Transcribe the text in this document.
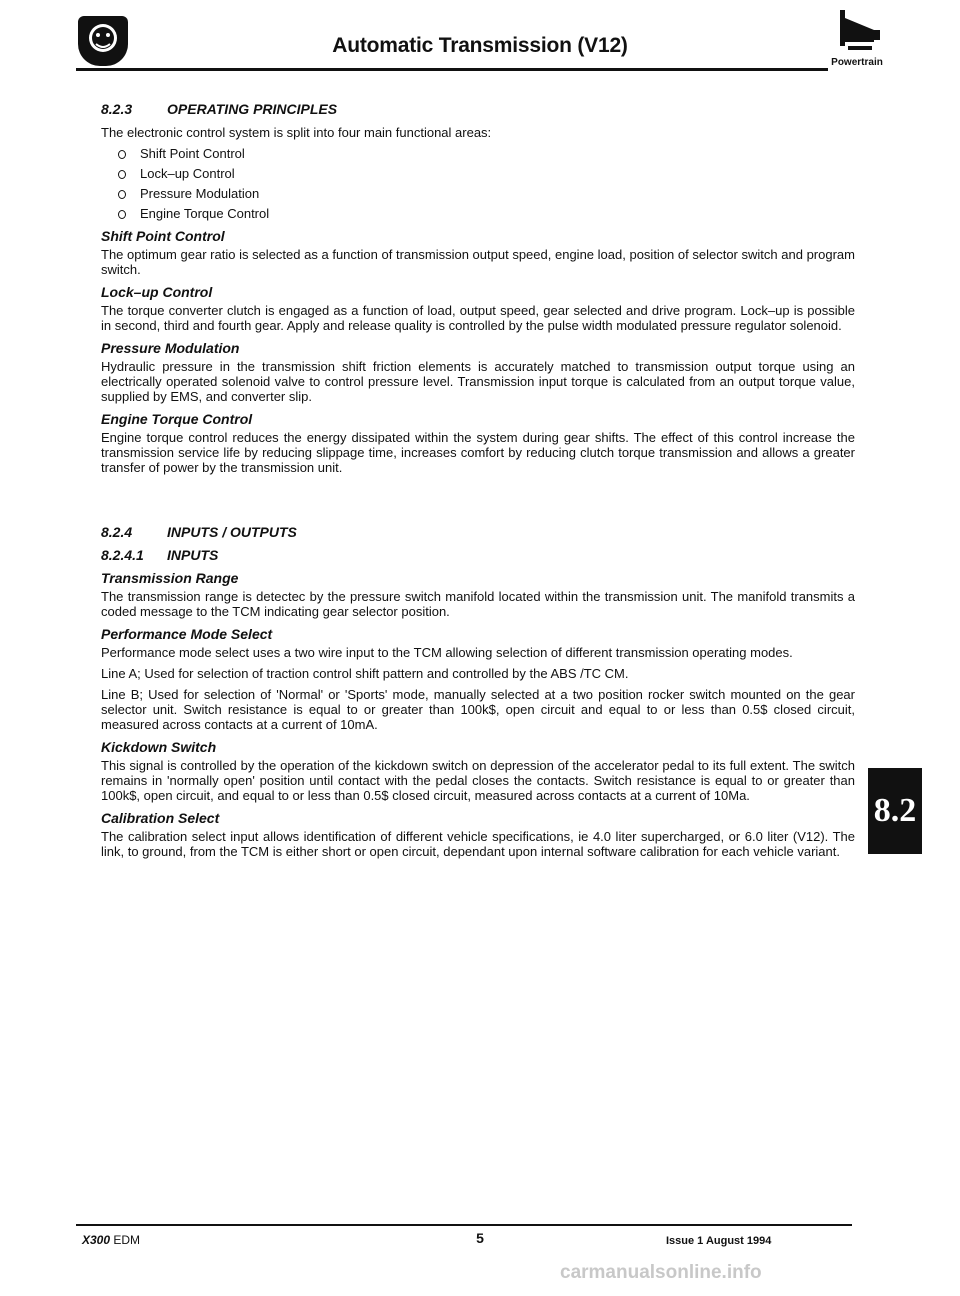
Automatic Transmission (V12)
Powertrain
8.2.3 OPERATING PRINCIPLES

The electronic control system is split into four main functional areas:

Shift Point Control
Lock–up Control
Pressure Modulation
Engine Torque Control
Shift Point Control

The optimum gear ratio is selected as a function of transmission output speed, engine load, position of selector switch and program switch.

Lock–up Control

The torque converter clutch is engaged as a function of load, output speed, gear selected and drive program. Lock–up is possible in second, third and fourth gear. Apply and release quality is controlled by the pulse width modulated pressure regulator solenoid.

Pressure Modulation

Hydraulic pressure in the transmission shift friction elements is accurately matched to transmission output torque using an electrically operated solenoid valve to control pressure level. Transmission input torque is calculated from an output torque value, supplied by EMS, and converter slip.

Engine Torque Control

Engine torque control reduces the energy dissipated within the system during gear shifts. The effect of this control increase the transmission service life by reducing slippage time, increases comfort by reducing clutch torque transmission and allows a greater transfer of power by the transmission unit.

8.2.4 INPUTS / OUTPUTS
8.2.4.1 INPUTS
Transmission Range

The transmission range is detectec by the pressure switch manifold located within the transmission unit. The manifold transmits a coded message to the TCM indicating gear selector position.

Performance Mode Select

Performance mode select uses a two wire input to the TCM allowing selection of different transmission operating modes.

Line A; Used for selection of traction control shift pattern and controlled by the ABS /TC CM.

Line B; Used for selection of 'Normal' or 'Sports' mode, manually selected at a two position rocker switch mounted on the gear selector unit. Switch resistance is equal to or greater than 100k$, open circuit and equal to or less than 0.5$ closed circuit, measured across contacts at a current of 10mA.

Kickdown Switch

This signal is controlled by the operation of the kickdown switch on depression of the accelerator pedal to its full extent. The switch remains in 'normally open' position until contact with the pedal closes the contacts. Switch resistance is equal to or greater than 100k$, open circuit, and equal to or less than 0.5$ closed circuit, measured across contacts at a current of 10Ma.

Calibration Select

The calibration select input allows identification of different vehicle specifications, ie 4.0 liter supercharged, or 6.0 liter (V12). The link, to ground, from the TCM is either short or open circuit, dependant upon internal software calibration for each vehicle variant.

8.2
X300 EDM	5	Issue 1 August 1994
carmanualsonline.info
